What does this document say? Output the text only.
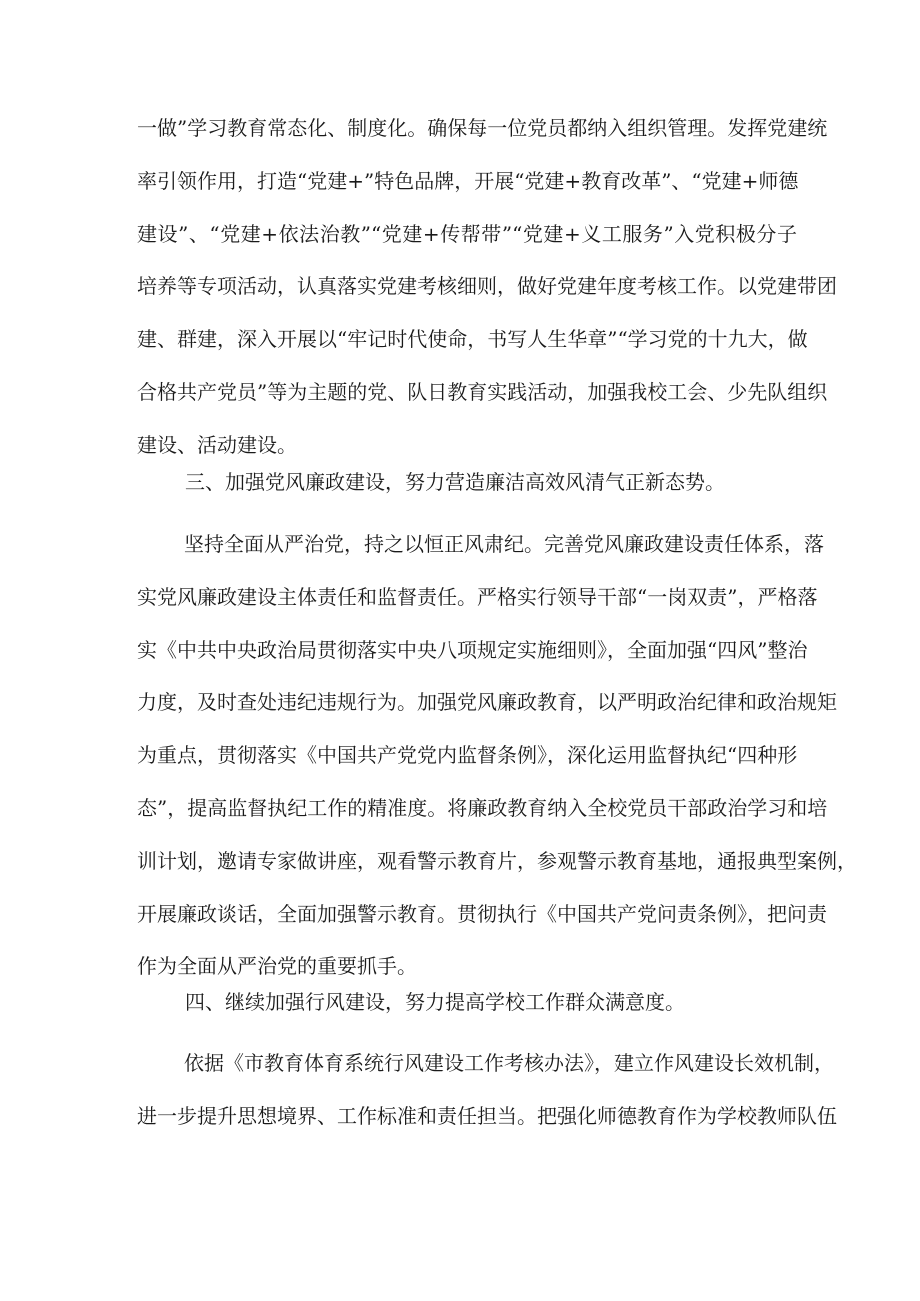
一做”学习教育常态化、制度化。确保每一位党员都纳入组织管理。发挥党建统
率引领作用，打造“党建+”特色品牌，开展“党建+教育改革”、“党建+师德
建设”、“党建+依法治教”“党建+传帮带”“党建+义工服务”入党积极分子
培养等专项活动，认真落实党建考核细则，做好党建年度考核工作。以党建带团
建、群建，深入开展以“牢记时代使命，书写人生华章”“学习党的十九大，做
合格共产党员”等为主题的党、队日教育实践活动，加强我校工会、少先队组织
建设、活动建设。
三、加强党风廉政建设，努力营造廉洁高效风清气正新态势。
坚持全面从严治党，持之以恒正风肃纪。完善党风廉政建设责任体系，落
实党风廉政建设主体责任和监督责任。严格实行领导干部“一岗双责”，严格落
实《中共中央政治局贯彻落实中央八项规定实施细则》，全面加强“四风”整治
力度，及时查处违纪违规行为。加强党风廉政教育，以严明政治纪律和政治规矩
为重点，贯彻落实《中国共产党党内监督条例》，深化运用监督执纪“四种形
态”，提高监督执纪工作的精准度。将廉政教育纳入全校党员干部政治学习和培
训计划，邀请专家做讲座，观看警示教育片，参观警示教育基地，通报典型案例，
开展廉政谈话，全面加强警示教育。贯彻执行《中国共产党问责条例》，把问责
作为全面从严治党的重要抓手。
四、继续加强行风建设，努力提高学校工作群众满意度。
依据《市教育体育系统行风建设工作考核办法》，建立作风建设长效机制，
进一步提升思想境界、工作标准和责任担当。把强化师德教育作为学校教师队伍
